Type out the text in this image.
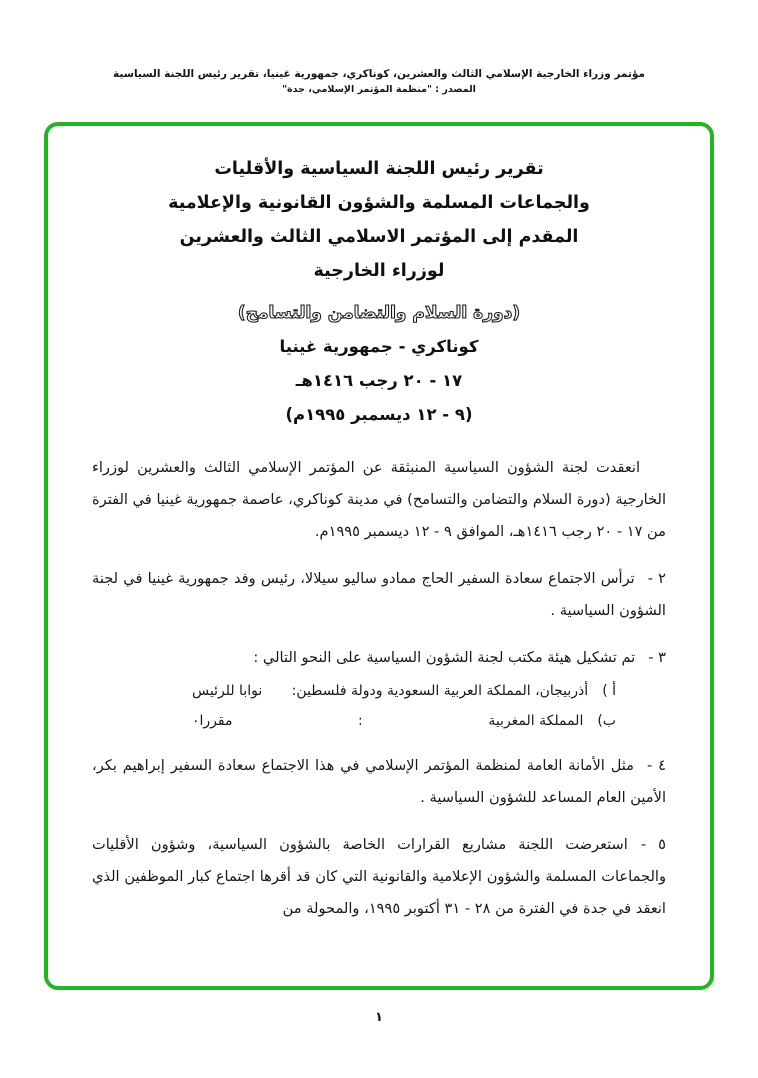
مؤتمر وزراء الخارجية الإسلامي الثالث والعشرين، كوناكري، جمهورية غينيا، تقرير رئيس اللجنة السياسية
المصدر : "منظمة المؤتمر الإسلامي، جدة"
تقرير رئيس اللجنة السياسية والأقليات
والجماعات المسلمة والشؤون القانونية والإعلامية
المقدم إلى المؤتمر الاسلامي الثالث والعشرين
لوزراء الخارجية
(دورة السلام والتضامن والتسامح)
كوناكري - جمهورية غينيا
١٧ - ٢٠ رجب ١٤١٦هـ
(٩ - ١٢ ديسمبر ١٩٩٥م)

انعقدت لجنة الشؤون السياسية المنبثقة عن المؤتمر الإسلامي الثالث والعشرين لوزراء الخارجية (دورة السلام والتضامن والتسامح) في مدينة كوناكري، عاصمة جمهورية غينيا في الفترة من ١٧ - ٢٠ رجب ١٤١٦هـ، الموافق ٩ - ١٢ ديسمبر ١٩٩٥م.

٢ -ترأس الاجتماع سعادة السفير الحاج ممادو ساليو سيلالا، رئيس وفد جمهورية غينيا في لجنة الشؤون السياسية .

٣ -تم تشكيل هيئة مكتب لجنة الشؤون السياسية على النحو التالي :

أ )أذربيجان، المملكة العربية السعودية ودولة فلسطين:
نوابا للرئيس
ب)المملكة المغربية
:
مقررا٠

٤ -مثل الأمانة العامة لمنظمة المؤتمر الإسلامي في هذا الاجتماع سعادة السفير إبراهيم بكر، الأمين العام المساعد للشؤون السياسية .

٥ -استعرضت اللجنة مشاريع القرارات الخاصة بالشؤون السياسية، وشؤون الأقليات والجماعات المسلمة والشؤون الإعلامية والقانونية التي كان قد أقرها اجتماع كبار الموظفين الذي انعقد في جدة في الفترة من ٢٨ - ٣١ أكتوبر ١٩٩٥، والمحولة من

١
